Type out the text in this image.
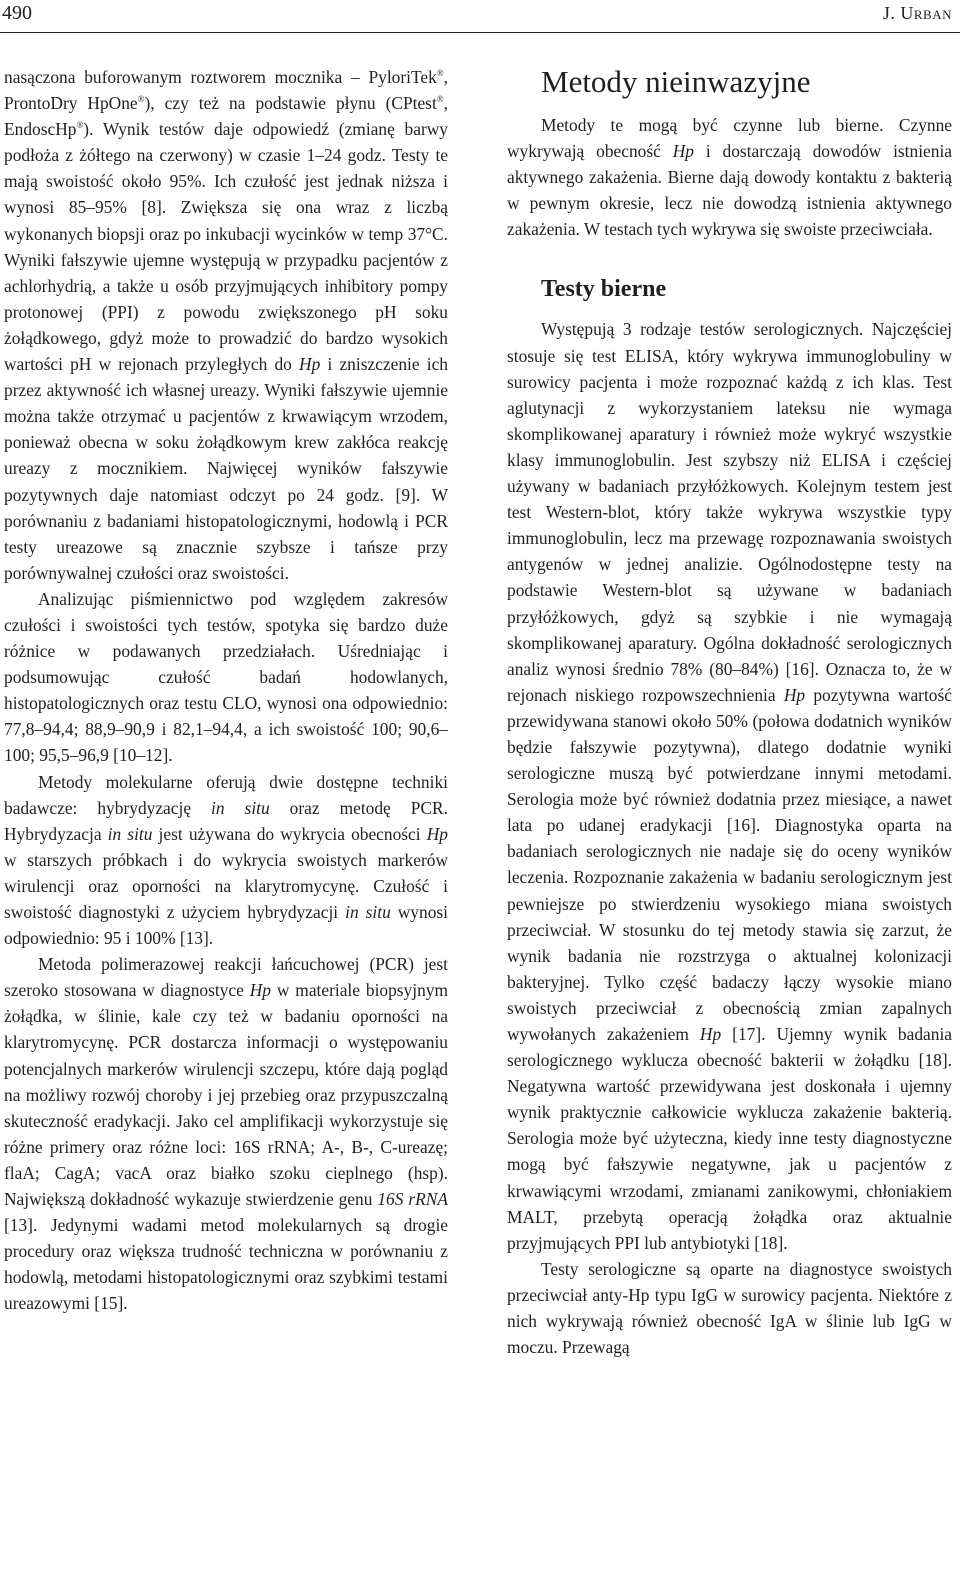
490	J. Urban

nasączona buforowanym roztworem mocznika – PyloriTek®, ProntoDry HpOne®), czy też na podstawie płynu (CPtest®, EndoscHp®). Wynik testów daje odpowiedź (zmianę barwy podłoża z żółtego na czerwony) w czasie 1–24 godz. Testy te mają swoistość około 95%. Ich czułość jest jednak niższa i wynosi 85–95% [8]. Zwiększa się ona wraz z liczbą wykonanych biopsji oraz po inkubacji wycinków w temp 37°C. Wyniki fałszywie ujemne występują w przypadku pacjentów z achlorhydrią, a także u osób przyjmujących inhibitory pompy protonowej (PPI) z powodu zwiększonego pH soku żołądkowego, gdyż może to prowadzić do bardzo wysokich wartości pH w rejonach przyległych do Hp i zniszczenie ich przez aktywność ich własnej ureazy. Wyniki fałszywie ujemnie można także otrzymać u pacjentów z krwawiącym wrzodem, ponieważ obecna w soku żołądkowym krew zakłóca reakcję ureazy z mocznikiem. Najwięcej wyników fałszywie pozytywnych daje natomiast odczyt po 24 godz. [9]. W porównaniu z badaniami histopatologicznymi, hodowlą i PCR testy ureazowe są znacznie szybsze i tańsze przy porównywalnej czułości oraz swoistości.

Analizując piśmiennictwo pod względem zakresów czułości i swoistości tych testów, spotyka się bardzo duże różnice w podawanych przedziałach. Uśredniając i podsumowując czułość badań hodowlanych, histopatologicznych oraz testu CLO, wynosi ona odpowiednio: 77,8–94,4; 88,9–90,9 i 82,1–94,4, a ich swoistość 100; 90,6–100; 95,5–96,9 [10–12].

Metody molekularne oferują dwie dostępne techniki badawcze: hybrydyzację in situ oraz metodę PCR. Hybrydyzacja in situ jest używana do wykrycia obecności Hp w starszych próbkach i do wykrycia swoistych markerów wirulencji oraz oporności na klarytromycynę. Czułość i swoistość diagnostyki z użyciem hybrydyzacji in situ wynosi odpowiednio: 95 i 100% [13].

Metoda polimerazowej reakcji łańcuchowej (PCR) jest szeroko stosowana w diagnostyce Hp w materiale biopsyjnym żołądka, w ślinie, kale czy też w badaniu oporności na klarytromycynę. PCR dostarcza informacji o występowaniu potencjalnych markerów wirulencji szczepu, które dają pogląd na możliwy rozwój choroby i jej przebieg oraz przypuszczalną skuteczność eradykacji. Jako cel amplifikacji wykorzystuje się różne primery oraz różne loci: 16S rRNA; A-, B-, C-ureazę; flaA; CagA; vacA oraz białko szoku cieplnego (hsp). Największą dokładność wykazuje stwierdzenie genu 16S rRNA [13]. Jedynymi wadami metod molekularnych są drogie procedury oraz większa trudność techniczna w porównaniu z hodowlą, metodami histopatologicznymi oraz szybkimi testami ureazowymi [15].

Metody nieinwazyjne

Metody te mogą być czynne lub bierne. Czynne wykrywają obecność Hp i dostarczają dowodów istnienia aktywnego zakażenia. Bierne dają dowody kontaktu z bakterią w pewnym okresie, lecz nie dowodzą istnienia aktywnego zakażenia. W testach tych wykrywa się swoiste przeciwciała.

Testy bierne

Występują 3 rodzaje testów serologicznych. Najczęściej stosuje się test ELISA, który wykrywa immunoglobuliny w surowicy pacjenta i może rozpoznać każdą z ich klas. Test aglutynacji z wykorzystaniem lateksu nie wymaga skomplikowanej aparatury i również może wykryć wszystkie klasy immunoglobulin. Jest szybszy niż ELISA i częściej używany w badaniach przyłóżkowych. Kolejnym testem jest test Western-blot, który także wykrywa wszystkie typy immunoglobulin, lecz ma przewagę rozpoznawania swoistych antygenów w jednej analizie. Ogólnodostępne testy na podstawie Western-blot są używane w badaniach przyłóżkowych, gdyż są szybkie i nie wymagają skomplikowanej aparatury. Ogólna dokładność serologicznych analiz wynosi średnio 78% (80–84%) [16]. Oznacza to, że w rejonach niskiego rozpowszechnienia Hp pozytywna wartość przewidywana stanowi około 50% (połowa dodatnich wyników będzie fałszywie pozytywna), dlatego dodatnie wyniki serologiczne muszą być potwierdzane innymi metodami. Serologia może być również dodatnia przez miesiące, a nawet lata po udanej eradykacji [16]. Diagnostyka oparta na badaniach serologicznych nie nadaje się do oceny wyników leczenia. Rozpoznanie zakażenia w badaniu serologicznym jest pewniejsze po stwierdzeniu wysokiego miana swoistych przeciwciał. W stosunku do tej metody stawia się zarzut, że wynik badania nie rozstrzyga o aktualnej kolonizacji bakteryjnej. Tylko część badaczy łączy wysokie miano swoistych przeciwciał z obecnością zmian zapalnych wywołanych zakażeniem Hp [17]. Ujemny wynik badania serologicznego wyklucza obecność bakterii w żołądku [18]. Negatywna wartość przewidywana jest doskonała i ujemny wynik praktycznie całkowicie wyklucza zakażenie bakterią. Serologia może być użyteczna, kiedy inne testy diagnostyczne mogą być fałszywie negatywne, jak u pacjentów z krwawiącymi wrzodami, zmianami zanikowymi, chłoniakiem MALT, przebytą operacją żołądka oraz aktualnie przyjmujących PPI lub antybiotyki [18].

Testy serologiczne są oparte na diagnostyce swoistych przeciwciał anty-Hp typu IgG w surowicy pacjenta. Niektóre z nich wykrywają również obecność IgA w ślinie lub IgG w moczu. Przewagą
